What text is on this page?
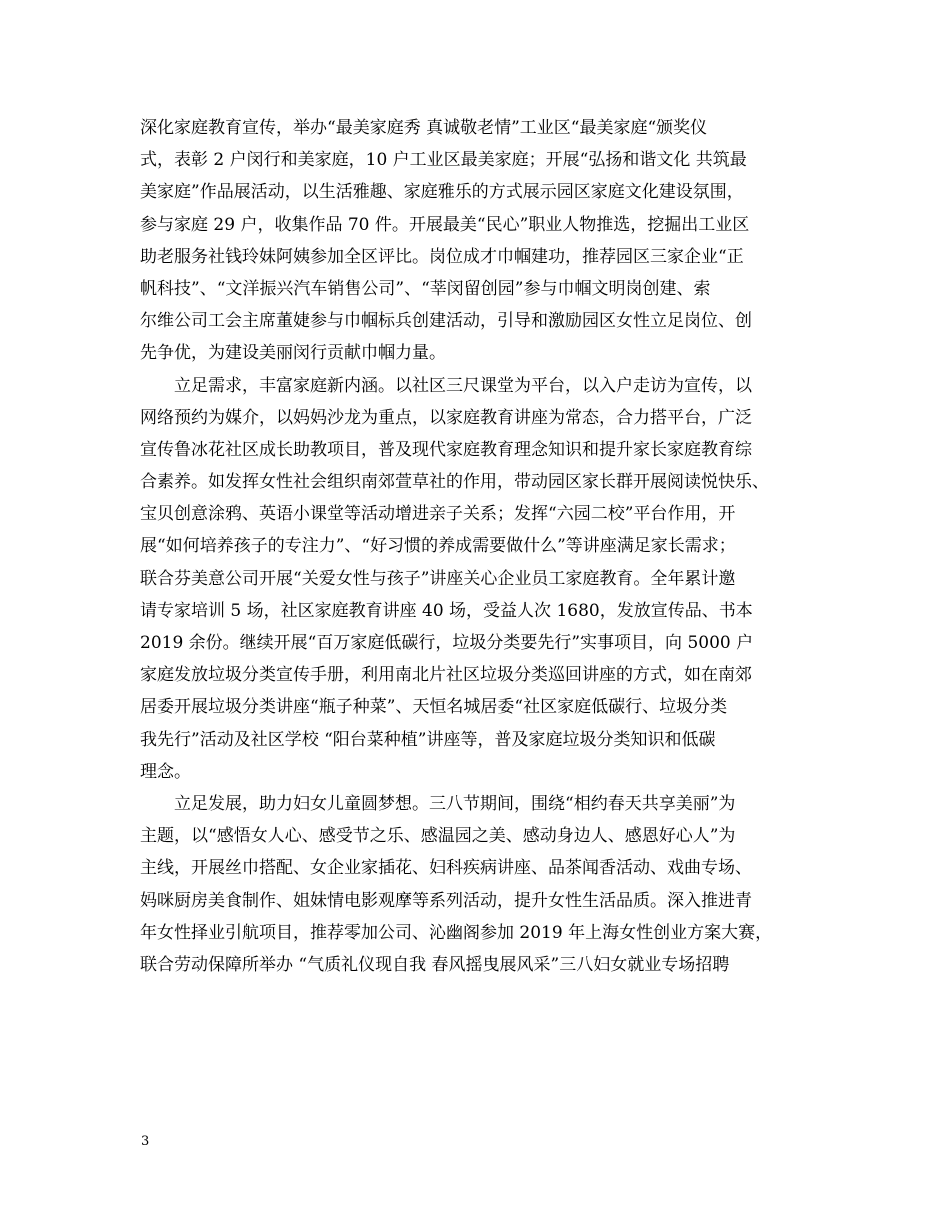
深化家庭教育宣传，举办“最美家庭秀 真诚敬老情”工业区“最美家庭“颁奖仪
式，表彰 2 户闵行和美家庭，10 户工业区最美家庭；开展“弘扬和谐文化 共筑最
美家庭”作品展活动，以生活雅趣、家庭雅乐的方式展示园区家庭文化建设氛围，
参与家庭 29 户，收集作品 70 件。开展最美“民心”职业人物推选，挖掘出工业区
助老服务社钱玲妹阿姨参加全区评比。岗位成才巾帼建功，推荐园区三家企业“正
帆科技”、“文洋振兴汽车销售公司”、“莘闵留创园”参与巾帼文明岗创建、索
尔维公司工会主席董婕参与巾帼标兵创建活动，引导和激励园区女性立足岗位、创
先争优，为建设美丽闵行贡献巾帼力量。
立足需求，丰富家庭新内涵。以社区三尺课堂为平台，以入户走访为宣传，以
网络预约为媒介，以妈妈沙龙为重点，以家庭教育讲座为常态，合力搭平台，广泛
宣传鲁冰花社区成长助教项目，普及现代家庭教育理念知识和提升家长家庭教育综
合素养。如发挥女性社会组织南郊萱草社的作用，带动园区家长群开展阅读悦快乐、
宝贝创意涂鸦、英语小课堂等活动增进亲子关系；发挥“六园二校”平台作用，开
展“如何培养孩子的专注力”、“好习惯的养成需要做什么”等讲座满足家长需求；
联合芬美意公司开展“关爱女性与孩子”讲座关心企业员工家庭教育。全年累计邀
请专家培训 5 场，社区家庭教育讲座 40 场，受益人次 1680，发放宣传品、书本
2019 余份。继续开展“百万家庭低碳行，垃圾分类要先行”实事项目，向 5000 户
家庭发放垃圾分类宣传手册，利用南北片社区垃圾分类巡回讲座的方式，如在南郊
居委开展垃圾分类讲座“瓶子种菜”、天恒名城居委“社区家庭低碳行、垃圾分类
我先行”活动及社区学校 “阳台菜种植”讲座等，普及家庭垃圾分类知识和低碳
理念。
立足发展，助力妇女儿童圆梦想。三八节期间，围绕“相约春天共享美丽”为
主题，以“感悟女人心、感受节之乐、感温园之美、感动身边人、感恩好心人”为
主线，开展丝巾搭配、女企业家插花、妇科疾病讲座、品茶闻香活动、戏曲专场、
妈咪厨房美食制作、姐妹情电影观摩等系列活动，提升女性生活品质。深入推进青
年女性择业引航项目，推荐零加公司、沁幽阁参加 2019 年上海女性创业方案大赛，
联合劳动保障所举办 “气质礼仪现自我 春风摇曳展风采”三八妇女就业专场招聘
3
